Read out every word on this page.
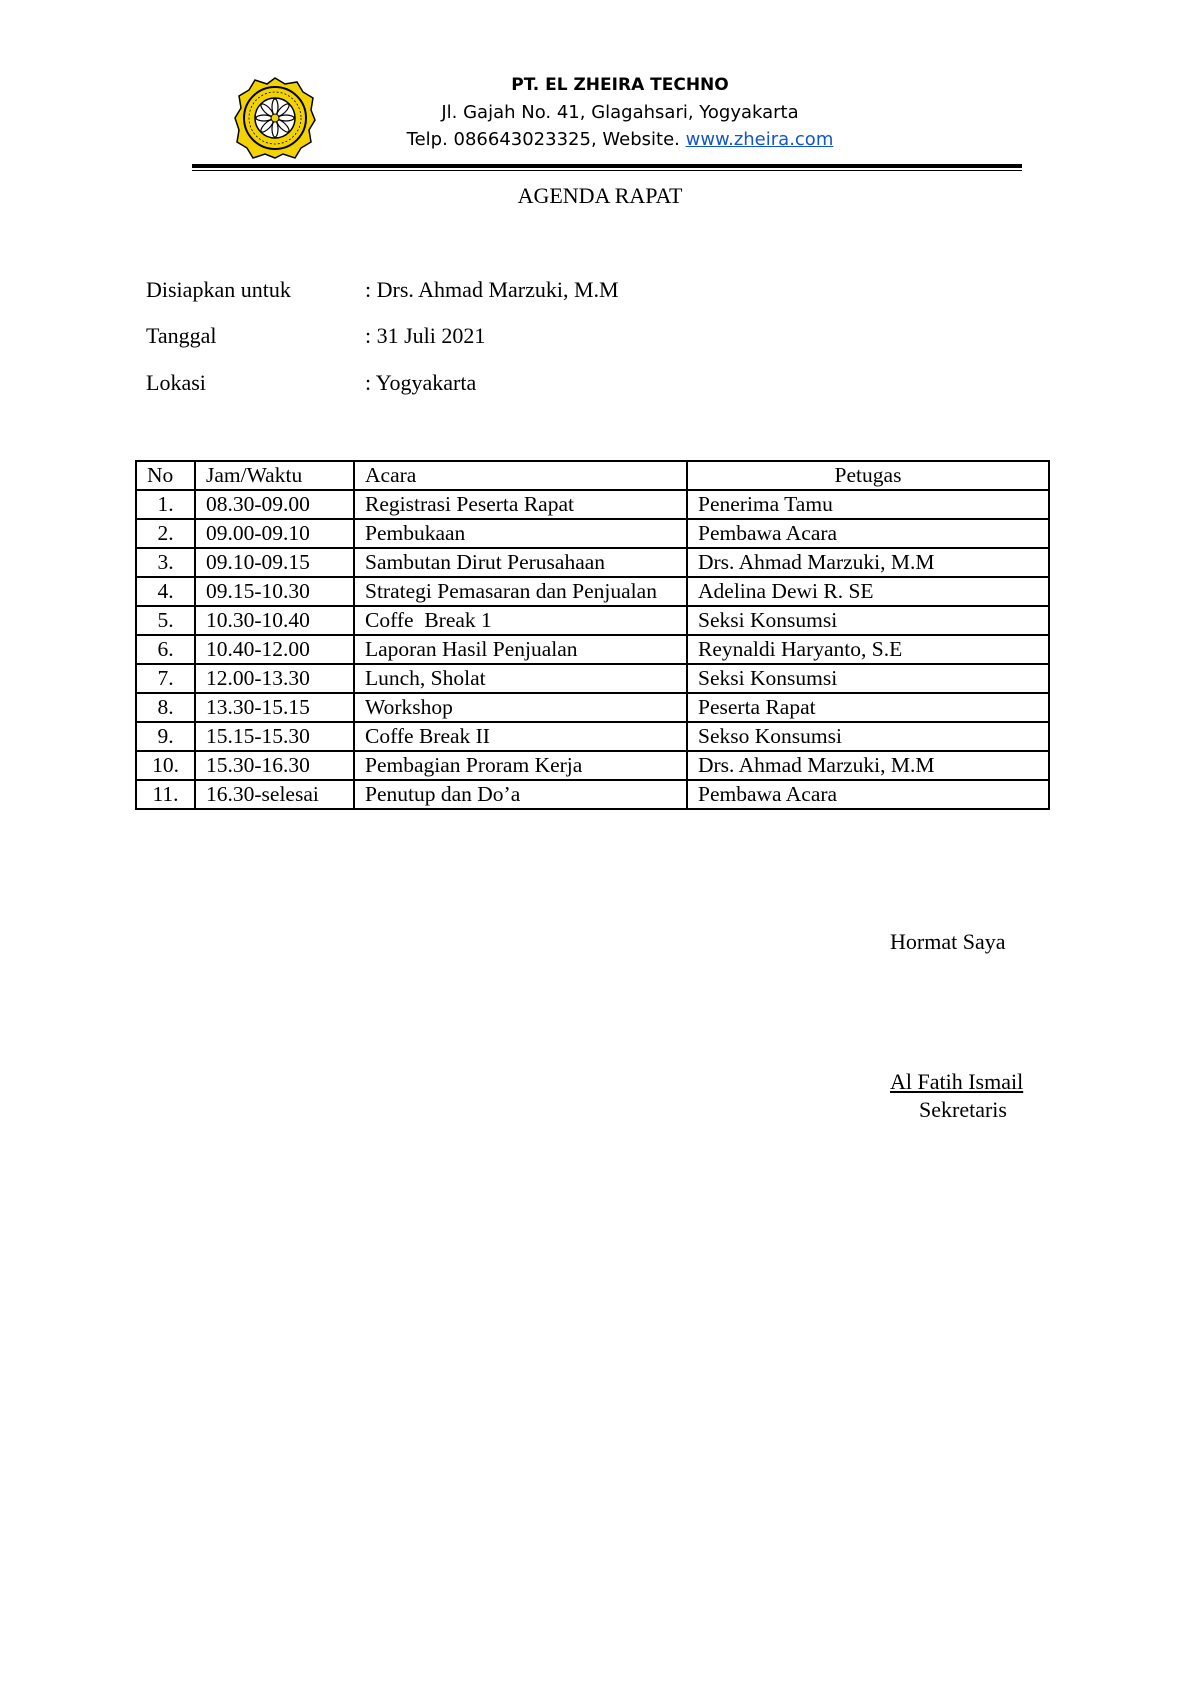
PT. EL ZHEIRA TECHNO
Jl. Gajah No. 41, Glagahsari, Yogyakarta
Telp. 086643023325, Website. www.zheira.com
AGENDA RAPAT
Disiapkan untuk	: Drs. Ahmad Marzuki, M.M
Tanggal	: 31 Juli 2021
Lokasi	: Yogyakarta
No	Jam/Waktu	Acara	Petugas
1.	08.30-09.00	Registrasi Peserta Rapat	Penerima Tamu
2.	09.00-09.10	Pembukaan	Pembawa Acara
3.	09.10-09.15	Sambutan Dirut Perusahaan	Drs. Ahmad Marzuki, M.M
4.	09.15-10.30	Strategi Pemasaran dan Penjualan	Adelina Dewi R. SE
5.	10.30-10.40	Coffe  Break 1	Seksi Konsumsi
6.	10.40-12.00	Laporan Hasil Penjualan	Reynaldi Haryanto, S.E
7.	12.00-13.30	Lunch, Sholat	Seksi Konsumsi
8.	13.30-15.15	Workshop	Peserta Rapat
9.	15.15-15.30	Coffe Break II	Sekso Konsumsi
10.	15.30-16.30	Pembagian Proram Kerja	Drs. Ahmad Marzuki, M.M
11.	16.30-selesai	Penutup dan Do’a	Pembawa Acara
Hormat Saya
Al Fatih Ismail
Sekretaris
